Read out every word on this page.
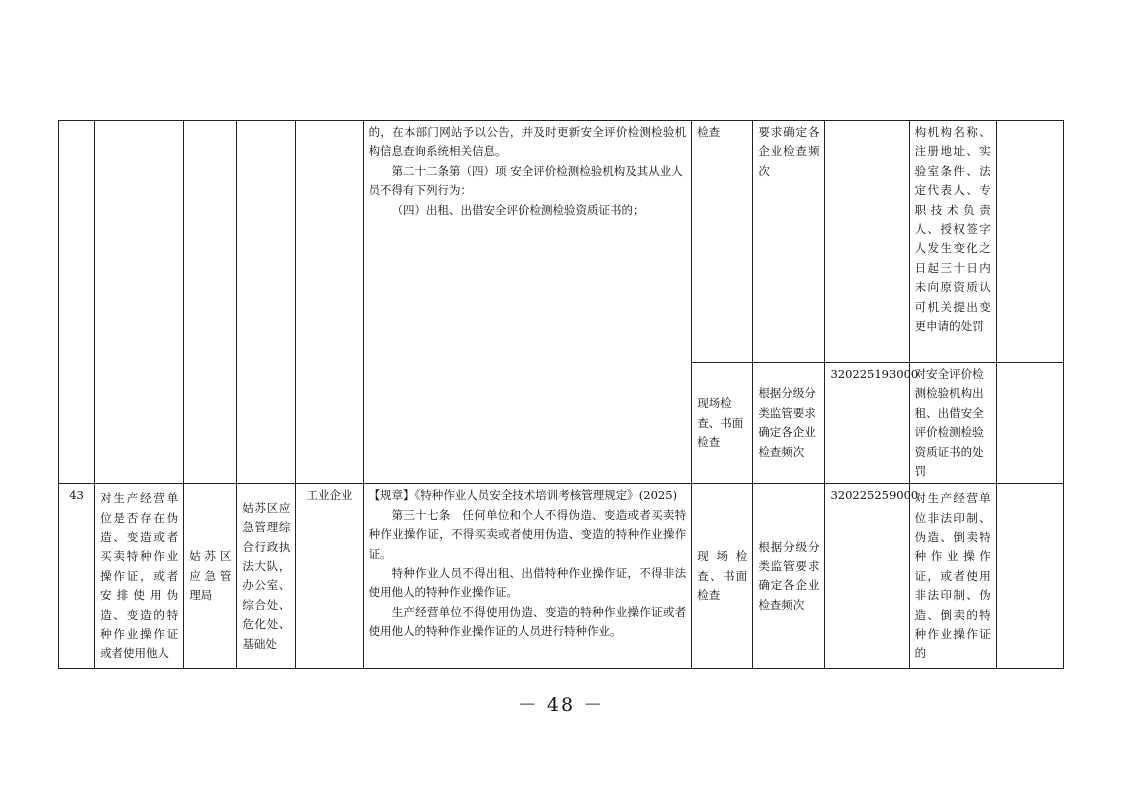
					的，在本部门网站予以公告，并及时更新安全评价检测检验机构信息查询系统相关信息。

第二十二条第（四）项 安全评价检测检验机构及其从业人员不得有下列行为：

（四）出租、出借安全评价检测检验资质证书的；	检查	要求确定各企业检查频次		构机构名称、注册地址、实验室条件、法定代表人、专职技术负责人、授权签字人发生变化之日起三十日内未向原资质认可机关提出变更申请的处罚	
						现场检查、书面检查	根据分级分类监管要求确定各企业检查频次	320225193000	对安全评价检测检验机构出租、出借安全评价检测检验资质证书的处罚	
43	对生产经营单位是否存在伪造、变造或者买卖特种作业操作证，或者安排使用伪造、变造的特种作业操作证或者使用他人	姑苏区应急管理局	姑苏区应急管理综合行政执法大队，办公室、综合处、危化处、基础处	工业企业	【规章】《特种作业人员安全技术培训考核管理规定》(2025)

第三十七条　任何单位和个人不得伪造、变造或者买卖特种作业操作证，不得买卖或者使用伪造、变造的特种作业操作证。

特种作业人员不得出租、出借特种作业操作证，不得非法使用他人的特种作业操作证。

生产经营单位不得使用伪造、变造的特种作业操作证或者使用他人的特种作业操作证的人员进行特种作业。	现场检查、书面检查	根据分级分类监管要求确定各企业检查频次	320225259000	对生产经营单位非法印制、伪造、倒卖特种作业操作证，或者使用非法印制、伪造、倒卖的特种作业操作证的	
－ 48 －
